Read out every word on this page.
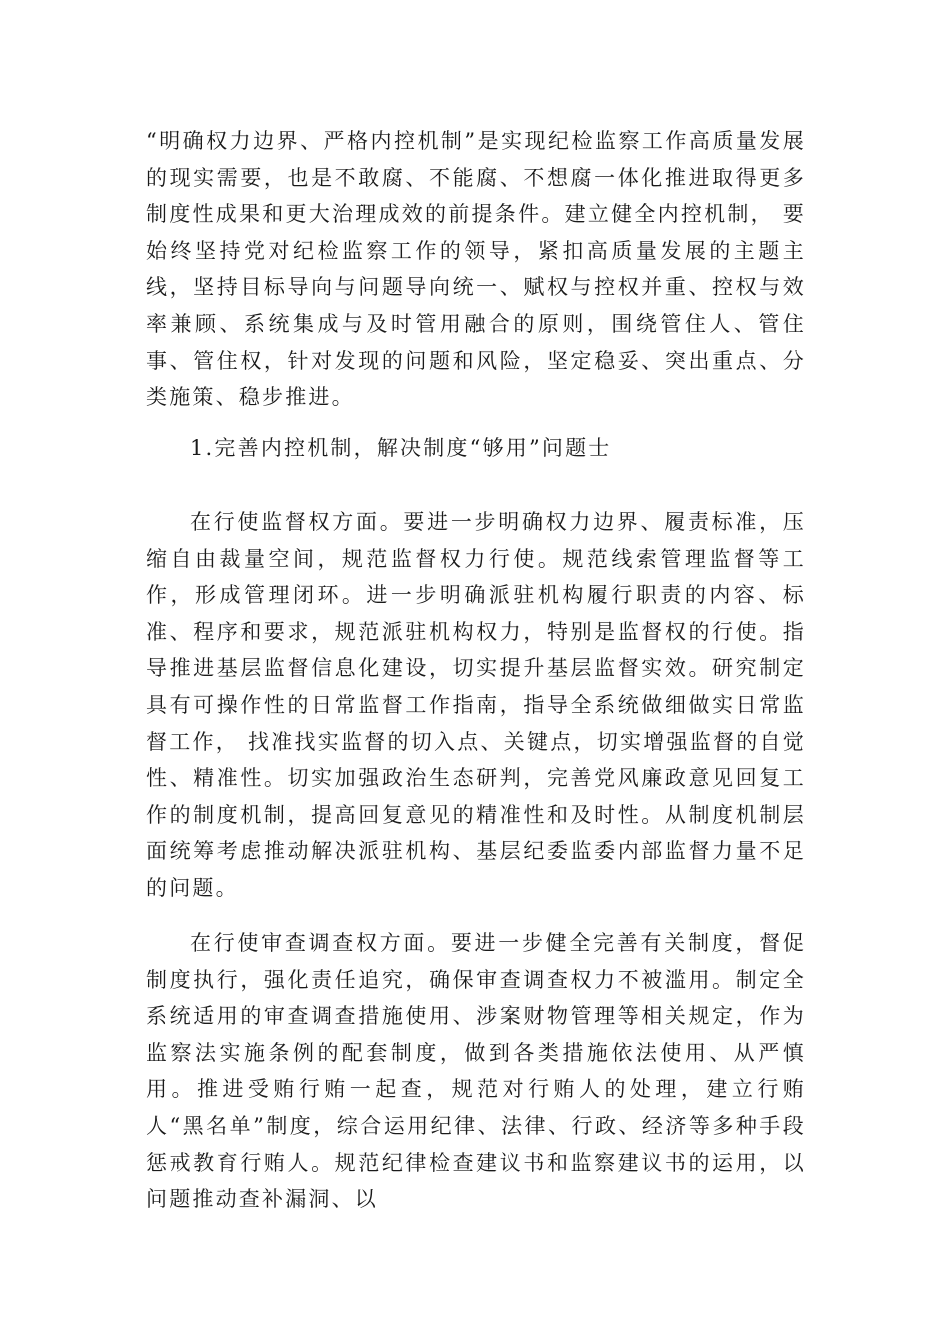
“明确权力边界、严格内控机制”是实现纪检监察工作高质量发展的现实需要，也是不敢腐、不能腐、不想腐一体化推进取得更多制度性成果和更大治理成效的前提条件。建立健全内控机制， 要始终坚持党对纪检监察工作的领导，紧扣高质量发展的主题主线，坚持目标导向与问题导向统一、赋权与控权并重、控权与效率兼顾、系统集成与及时管用融合的原则，围绕管住人、管住事、管住权，针对发现的问题和风险，坚定稳妥、突出重点、分类施策、稳步推进。

1.完善内控机制，解决制度“够用”问题士

在行使监督权方面。要进一步明确权力边界、履责标准，压缩自由裁量空间，规范监督权力行使。规范线索管理监督等工作，形成管理闭环。进一步明确派驻机构履行职责的内容、标准、程序和要求，规范派驻机构权力，特别是监督权的行使。指导推进基层监督信息化建设，切实提升基层监督实效。研究制定具有可操作性的日常监督工作指南，指导全系统做细做实日常监督工作， 找准找实监督的切入点、关键点，切实增强监督的自觉性、精准性。切实加强政治生态研判，完善党风廉政意见回复工作的制度机制，提高回复意见的精准性和及时性。从制度机制层面统筹考虑推动解决派驻机构、基层纪委监委内部监督力量不足的问题。

在行使审查调查权方面。要进一步健全完善有关制度，督促制度执行，强化责任追究，确保审查调查权力不被滥用。制定全系统适用的审查调查措施使用、涉案财物管理等相关规定，作为监察法实施条例的配套制度，做到各类措施依法使用、从严慎用。推进受贿行贿一起查，规范对行贿人的处理，建立行贿人“黑名单”制度，综合运用纪律、法律、行政、经济等多种手段惩戒教育行贿人。规范纪律检查建议书和监察建议书的运用，以问题推动查补漏洞、以
